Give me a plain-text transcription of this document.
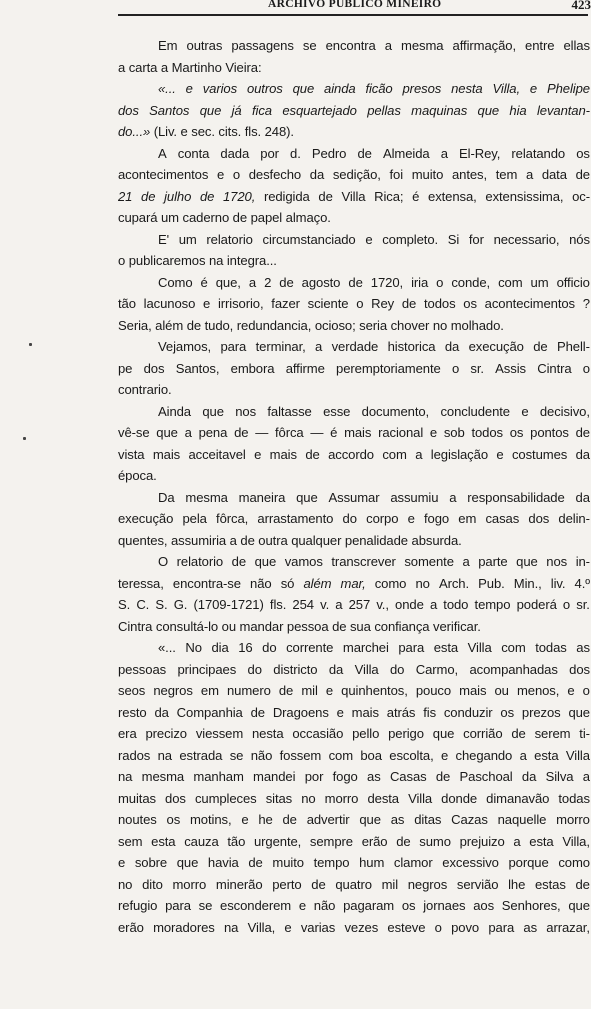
ARCHIVO PUBLICO MINEIRO	423
Em outras passagens se encontra a mesma affirmação, entre ellas
a carta a Martinho Vieira:
«... e varios outros que ainda ficão presos nesta Villa, e Phelipe
dos Santos que já fica esquartejado pellas maquinas que hia levantan-
do...» (Liv. e sec. cits. fls. 248).
A conta dada por d. Pedro de Almeida a El-Rey, relatando os
acontecimentos e o desfecho da sedição, foi muito antes, tem a data de
21 de julho de 1720, redigida de Villa Rica; é extensa, extensissima, oc-
cupará um caderno de papel almaço.
E' um relatorio circumstanciado e completo. Si for necessario, nós
o publicaremos na integra...
Como é que, a 2 de agosto de 1720, iria o conde, com um officio
tão lacunoso e irrisorio, fazer sciente o Rey de todos os acontecimentos ?
Seria, além de tudo, redundancia, ocioso; seria chover no molhado.
Vejamos, para terminar, a verdade historica da execução de Phell-
pe dos Santos, embora affirme peremptoriamente o sr. Assis Cintra o
contrario.
Ainda que nos faltasse esse documento, concludente e decisivo,
vê-se que a pena de — fôrca — é mais racional e sob todos os pontos de
vista mais acceitavel e mais de accordo com a legislação e costumes da
época.
Da mesma maneira que Assumar assumiu a responsabilidade da
execução pela fôrca, arrastamento do corpo e fogo em casas dos delin-
quentes, assumiria a de outra qualquer penalidade absurda.
O relatorio de que vamos transcrever somente a parte que nos in-
teressa, encontra-se não só além mar, como no Arch. Pub. Min., liv. 4.º
S. C. S. G. (1709-1721) fls. 254 v. a 257 v., onde a todo tempo poderá o sr.
Cintra consultá-lo ou mandar pessoa de sua confiança verificar.
«... No dia 16 do corrente marchei para esta Villa com todas as
pessoas principaes do districto da Villa do Carmo, acompanhadas dos
seos negros em numero de mil e quinhentos, pouco mais ou menos, e o
resto da Companhia de Dragoens e mais atrás fis conduzir os prezos que
era precizo viessem nesta occasião pello perigo que corrião de serem ti-
rados na estrada se não fossem com boa escolta, e chegando a esta Villa
na mesma manham mandei por fogo as Casas de Paschoal da Silva a
muitas dos cumpleces sitas no morro desta Villa donde dimanavão todas
noutes os motins, e he de advertir que as ditas Cazas naquelle morro
sem esta cauza tão urgente, sempre erão de sumo prejuizo a esta Villa,
e sobre que havia de muito tempo hum clamor excessivo porque como
no dito morro minerão perto de quatro mil negros servião lhe estas de
refugio para se esconderem e não pagaram os jornaes aos Senhores, que
erão moradores na Villa, e varias vezes esteve o povo para as arrazar,
